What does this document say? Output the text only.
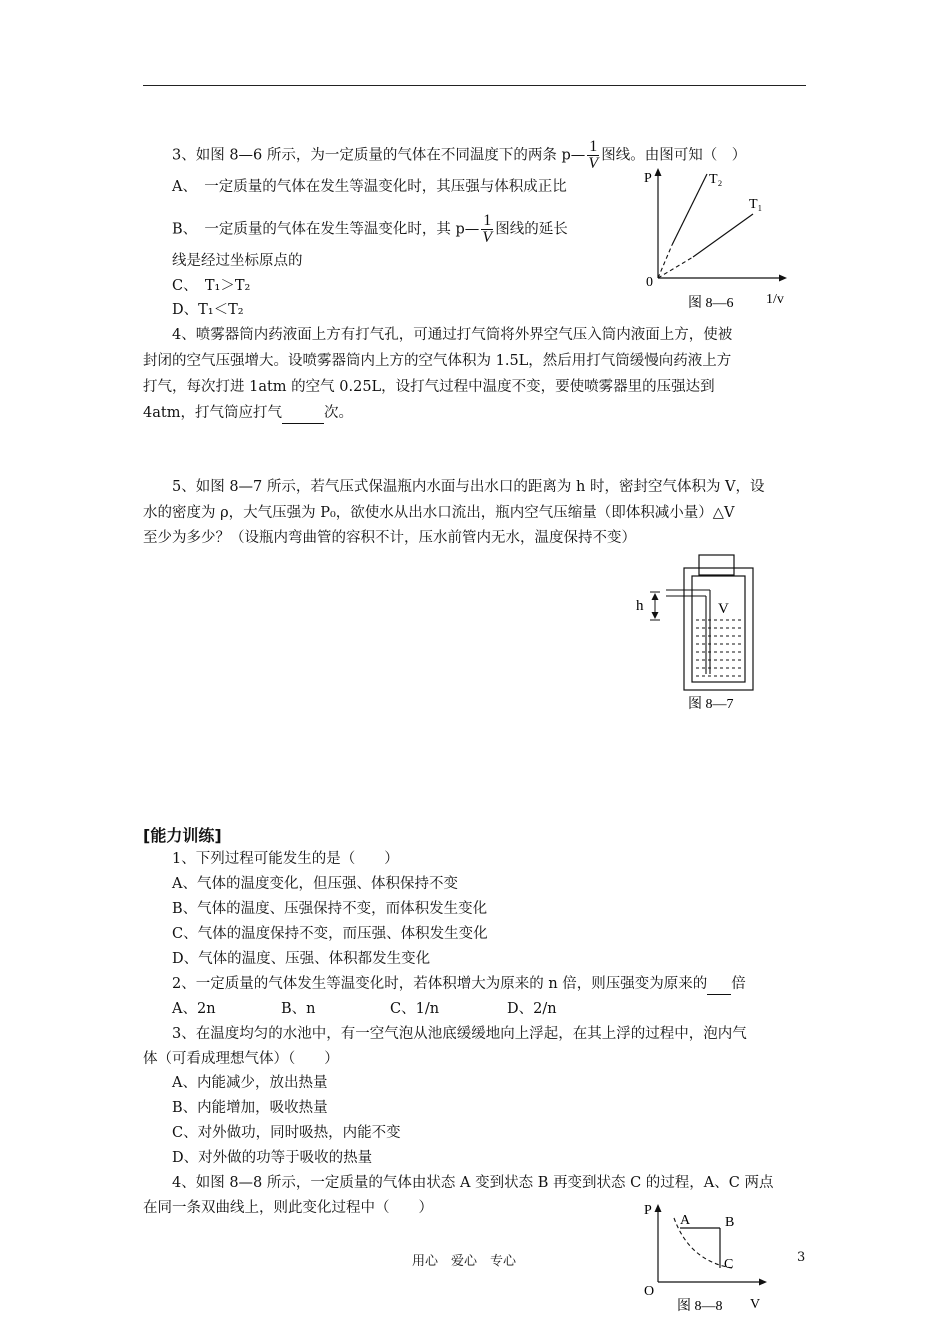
3、如图 8—6 所示，为一定质量的气体在不同温度下的两条 p— $\frac{1}{V}$ 图线。由图可知（　）
A、　一定质量的气体在发生等温变化时，其压强与体积成正比
B、　一定质量的气体在发生等温变化时，其 p— $\frac{1}{V}$ 图线的延长
线是经过坐标原点的
C、　T₁＞T₂
D、T₁＜T₂
P
0
T₂
T₁
图 8—6 1/v
4、喷雾器筒内药液面上方有打气孔，可通过打气筒将外界空气压入筒内液面上方，使被
封闭的空气压强增大。设喷雾器筒内上方的空气体积为 1.5L，然后用打气筒缓慢向药液上方
打气，每次打进 1atm 的空气 0.25L，设打气过程中温度不变，要使喷雾器里的压强达到
4atm，打气筒应打气	次。
5、如图 8—7 所示，若气压式保温瓶内水面与出水口的距离为 h 时，密封空气体积为 V，设
水的密度为 ρ，大气压强为 P₀，欲使水从出水口流出，瓶内空气压缩量（即体积减小量）△V
至少为多少？（设瓶内弯曲管的容积不计，压水前管内无水，温度保持不变）
h	V
图 8—7
[能力训练]
1、下列过程可能发生的是（　　）
A、气体的温度变化，但压强、体积保持不变
B、气体的温度、压强保持不变，而体积发生变化
C、气体的温度保持不变，而压强、体积发生变化
D、气体的温度、压强、体积都发生变化
2、一定质量的气体发生等温变化时，若体积增大为原来的 n 倍，则压强变为原来的 倍
A、2n	B、n	C、1/n	D、2/n
3、在温度均匀的水池中，有一空气泡从池底缓缓地向上浮起，在其上浮的过程中，泡内气
体（可看成理想气体）（　　）
A、内能减少，放出热量
B、内能增加，吸收热量
C、对外做功，同时吸热，内能不变
D、对外做的功等于吸收的热量
4、如图 8—8 所示，一定质量的气体由状态 A 变到状态 B 再变到状态 C 的过程，A、C 两点
在同一条双曲线上，则此变化过程中（　　）	P
A B
C
O
图 8—8 V
用心　爱心　专心	3
